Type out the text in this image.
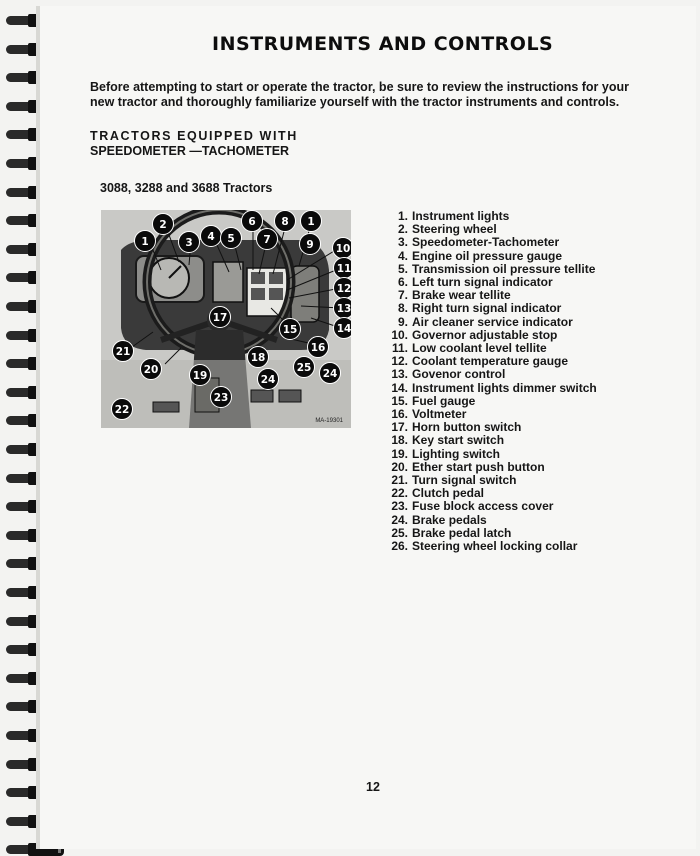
INSTRUMENTS AND CONTROLS

Before attempting to start or operate the tractor, be sure to review the instructions for your new tractor and thoroughly familiarize yourself with the tractor instruments and controls.

TRACTORS EQUIPPED WITH
SPEEDOMETER —TACHOMETER

3088, 3288 and 3688 Tractors

1
2
3	4	5
6
7
8	1
9	10
11
12
13
14
15
16
17
18
19
20
21
22
23
24
25	24
MA-19301
1. Instrument lights
2. Steering wheel
3. Speedometer-Tachometer
4. Engine oil pressure gauge
5. Transmission oil pressure tellite
6. Left turn signal indicator
7. Brake wear tellite
8. Right turn signal indicator
9. Air cleaner service indicator
10. Governor adjustable stop
11. Low coolant level tellite
12. Coolant temperature gauge
13. Govenor control
14. Instrument lights dimmer switch
15. Fuel gauge
16. Voltmeter
17. Horn button switch
18. Key start switch
19. Lighting switch
20. Ether start push button
21. Turn signal switch
22. Clutch pedal
23. Fuse block access cover
24. Brake pedals
25. Brake pedal latch
26. Steering wheel locking collar

12
